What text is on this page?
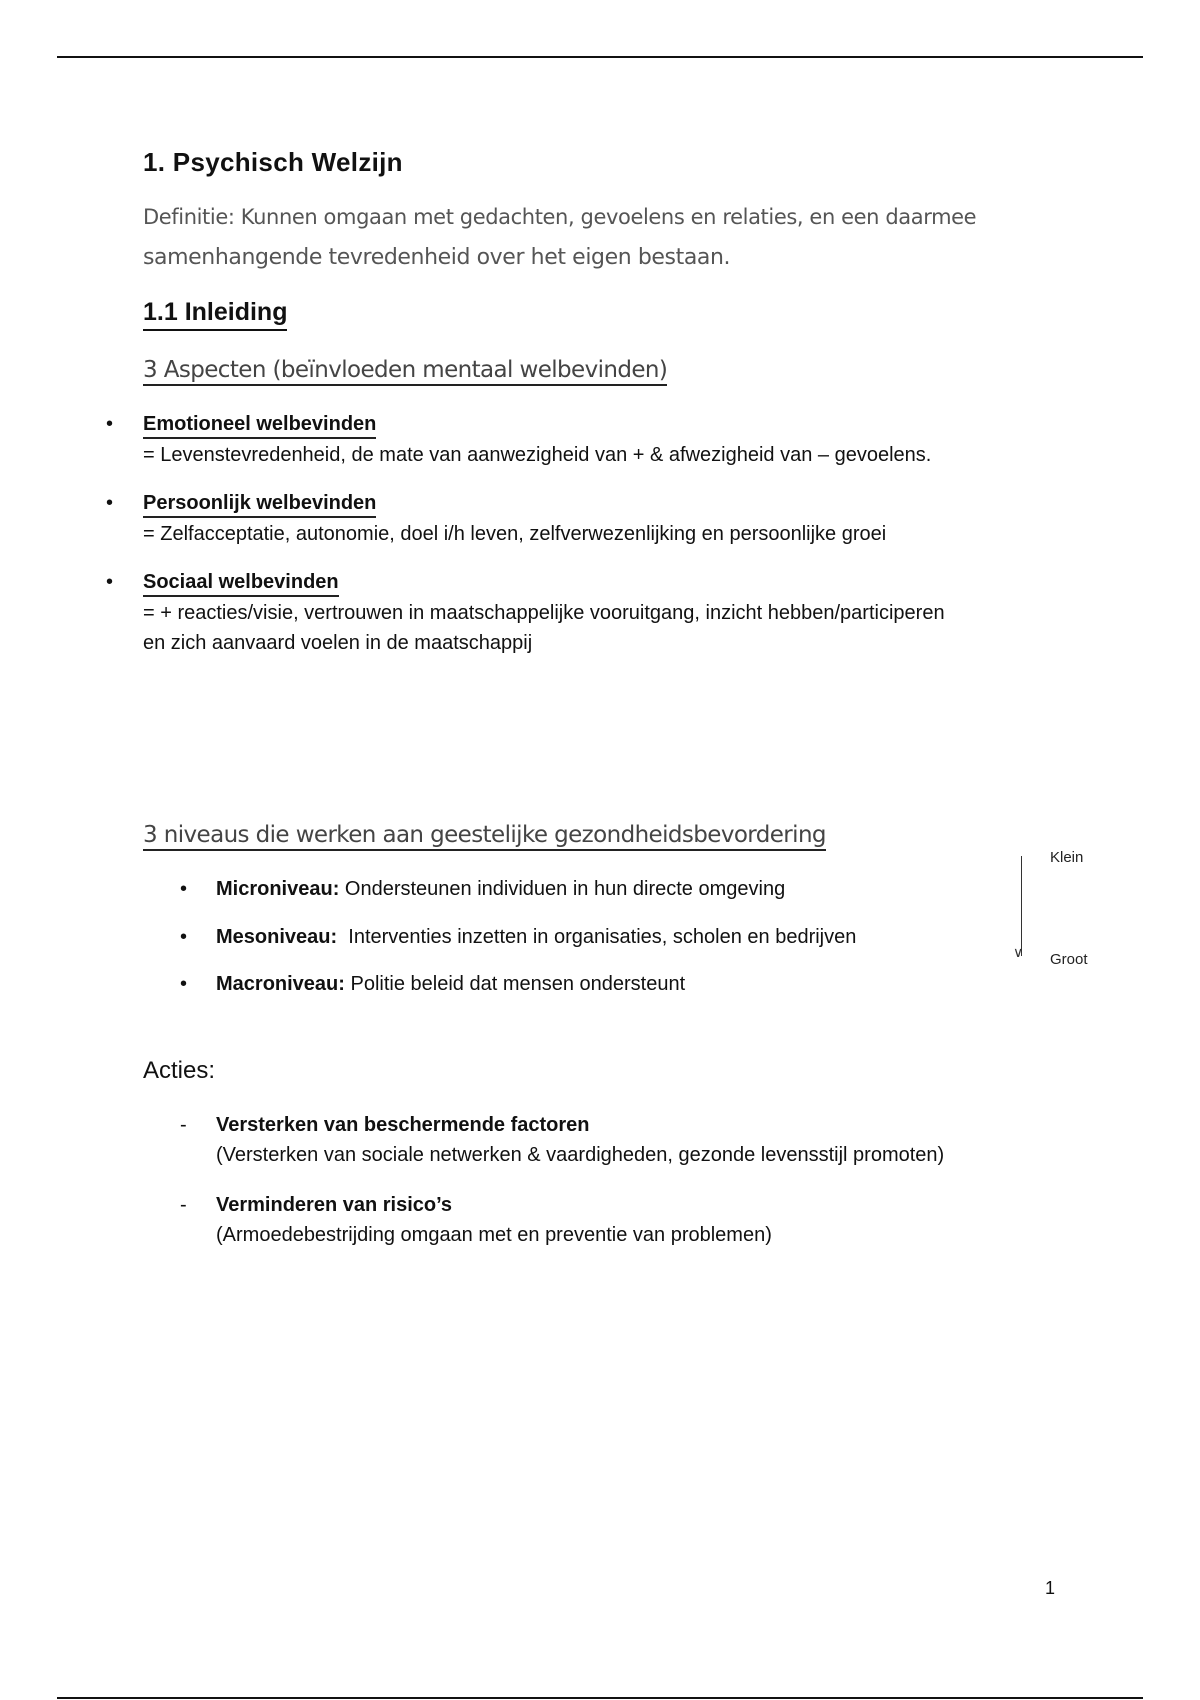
1. Psychisch Welzijn
Definitie: Kunnen omgaan met gedachten, gevoelens en relaties, en een daarmee
samenhangende tevredenheid over het eigen bestaan.
1.1 Inleiding
3 Aspecten (beïnvloeden mentaal welbevinden)
• Emotioneel welbevinden
= Levenstevredenheid, de mate van aanwezigheid van + & afwezigheid van – gevoelens.
• Persoonlijk welbevinden
= Zelfacceptatie, autonomie, doel i/h leven, zelfverwezenlijking en persoonlijke groei
• Sociaal welbevinden
= + reacties/visie, vertrouwen in maatschappelijke vooruitgang, inzicht hebben/participeren
en zich aanvaard voelen in de maatschappij
3 niveaus die werken aan geestelijke gezondheidsbevordering
• Microniveau: Ondersteunen individuen in hun directe omgeving
• Mesoniveau:  Interventies inzetten in organisaties, scholen en bedrijven
• Macroniveau: Politie beleid dat mensen ondersteunt
∨
Klein
Groot
Acties:
- Versterken van beschermende factoren
(Versterken van sociale netwerken & vaardigheden, gezonde levensstijl promoten)
- Verminderen van risico’s
(Armoedebestrijding omgaan met en preventie van problemen)
1
